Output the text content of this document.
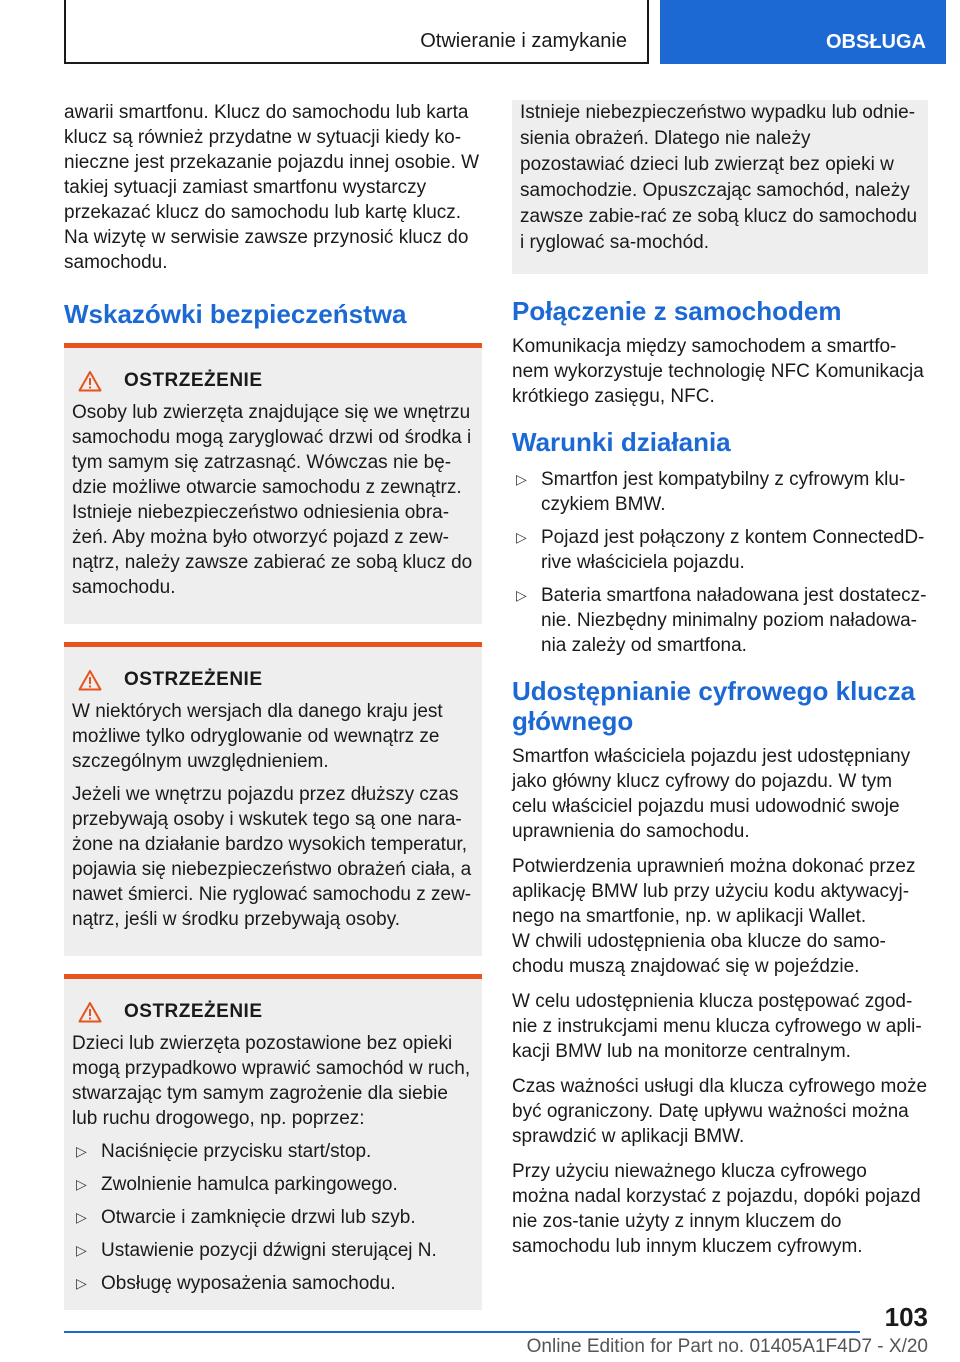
Otwieranie i zamykanie	OBSŁUGA

awarii smartfonu. Klucz do samochodu lub karta klucz są również przydatne w sytuacji kiedy ko‐nieczne jest przekazanie pojazdu innej osobie. W takiej sytuacji zamiast smartfonu wystarczy przekazać klucz do samochodu lub kartę klucz. Na wizytę w serwisie zawsze przynosić klucz do samochodu.

Wskazówki bezpieczeństwa
OSTRZEŻENIE

Osoby lub zwierzęta znajdujące się we wnętrzu samochodu mogą zaryglować drzwi od środka i tym samym się zatrzasnąć. Wówczas nie bę‐dzie możliwe otwarcie samochodu z zewnątrz. Istnieje niebezpieczeństwo odniesienia obra‐żeń. Aby można było otworzyć pojazd z zew‐nątrz, należy zawsze zabierać ze sobą klucz do samochodu.

OSTRZEŻENIE

W niektórych wersjach dla danego kraju jest możliwe tylko odryglowanie od wewnątrz ze szczególnym uwzględnieniem.

Jeżeli we wnętrzu pojazdu przez dłuższy czas przebywają osoby i wskutek tego są one nara‐żone na działanie bardzo wysokich temperatur, pojawia się niebezpieczeństwo obrażeń ciała, a nawet śmierci. Nie ryglować samochodu z zew‐nątrz, jeśli w środku przebywają osoby.

OSTRZEŻENIE

Dzieci lub zwierzęta pozostawione bez opieki mogą przypadkowo wprawić samochód w ruch, stwarzając tym samym zagrożenie dla siebie lub ruchu drogowego, np. poprzez:

▷ Naciśnięcie przycisku start/stop.
▷ Zwolnienie hamulca parkingowego.
▷ Otwarcie i zamknięcie drzwi lub szyb.
▷ Ustawienie pozycji dźwigni sterującej N.
▷ Obsługę wyposażenia samochodu.

Istnieje niebezpieczeństwo wypadku lub odnie‐sienia obrażeń. Dlatego nie należy pozostawiać dzieci lub zwierząt bez opieki w samochodzie. Opuszczając samochód, należy zawsze zabie‐rać ze sobą klucz do samochodu i ryglować sa‐mochód.

Połączenie z samochodem

Komunikacja między samochodem a smartfo‐nem wykorzystuje technologię NFC Komunikacja krótkiego zasięgu, NFC.

Warunki działania
▷ Smartfon jest kompatybilny z cyfrowym klu‐czykiem BMW.
▷ Pojazd jest połączony z kontem ConnectedD‐rive właściciela pojazdu.
▷ Bateria smartfona naładowana jest dostatecz‐nie. Niezbędny minimalny poziom naładowa‐nia zależy od smartfona.
Udostępnianie cyfrowego klucza głównego

Smartfon właściciela pojazdu jest udostępniany jako główny klucz cyfrowy do pojazdu. W tym celu właściciel pojazdu musi udowodnić swoje uprawnienia do samochodu.

Potwierdzenia uprawnień można dokonać przez aplikację BMW lub przy użyciu kodu aktywacyj‐nego na smartfonie, np. w aplikacji Wallet.

W chwili udostępnienia oba klucze do samo‐chodu muszą znajdować się w pojeździe.

W celu udostępnienia klucza postępować zgod‐nie z instrukcjami menu klucza cyfrowego w apli‐kacji BMW lub na monitorze centralnym.

Czas ważności usługi dla klucza cyfrowego może być ograniczony. Datę upływu ważności można sprawdzić w aplikacji BMW.

Przy użyciu nieważnego klucza cyfrowego można nadal korzystać z pojazdu, dopóki pojazd nie zos‐tanie użyty z innym kluczem do samochodu lub innym kluczem cyfrowym.

103
Online Edition for Part no. 01405A1F4D7 - X/20
